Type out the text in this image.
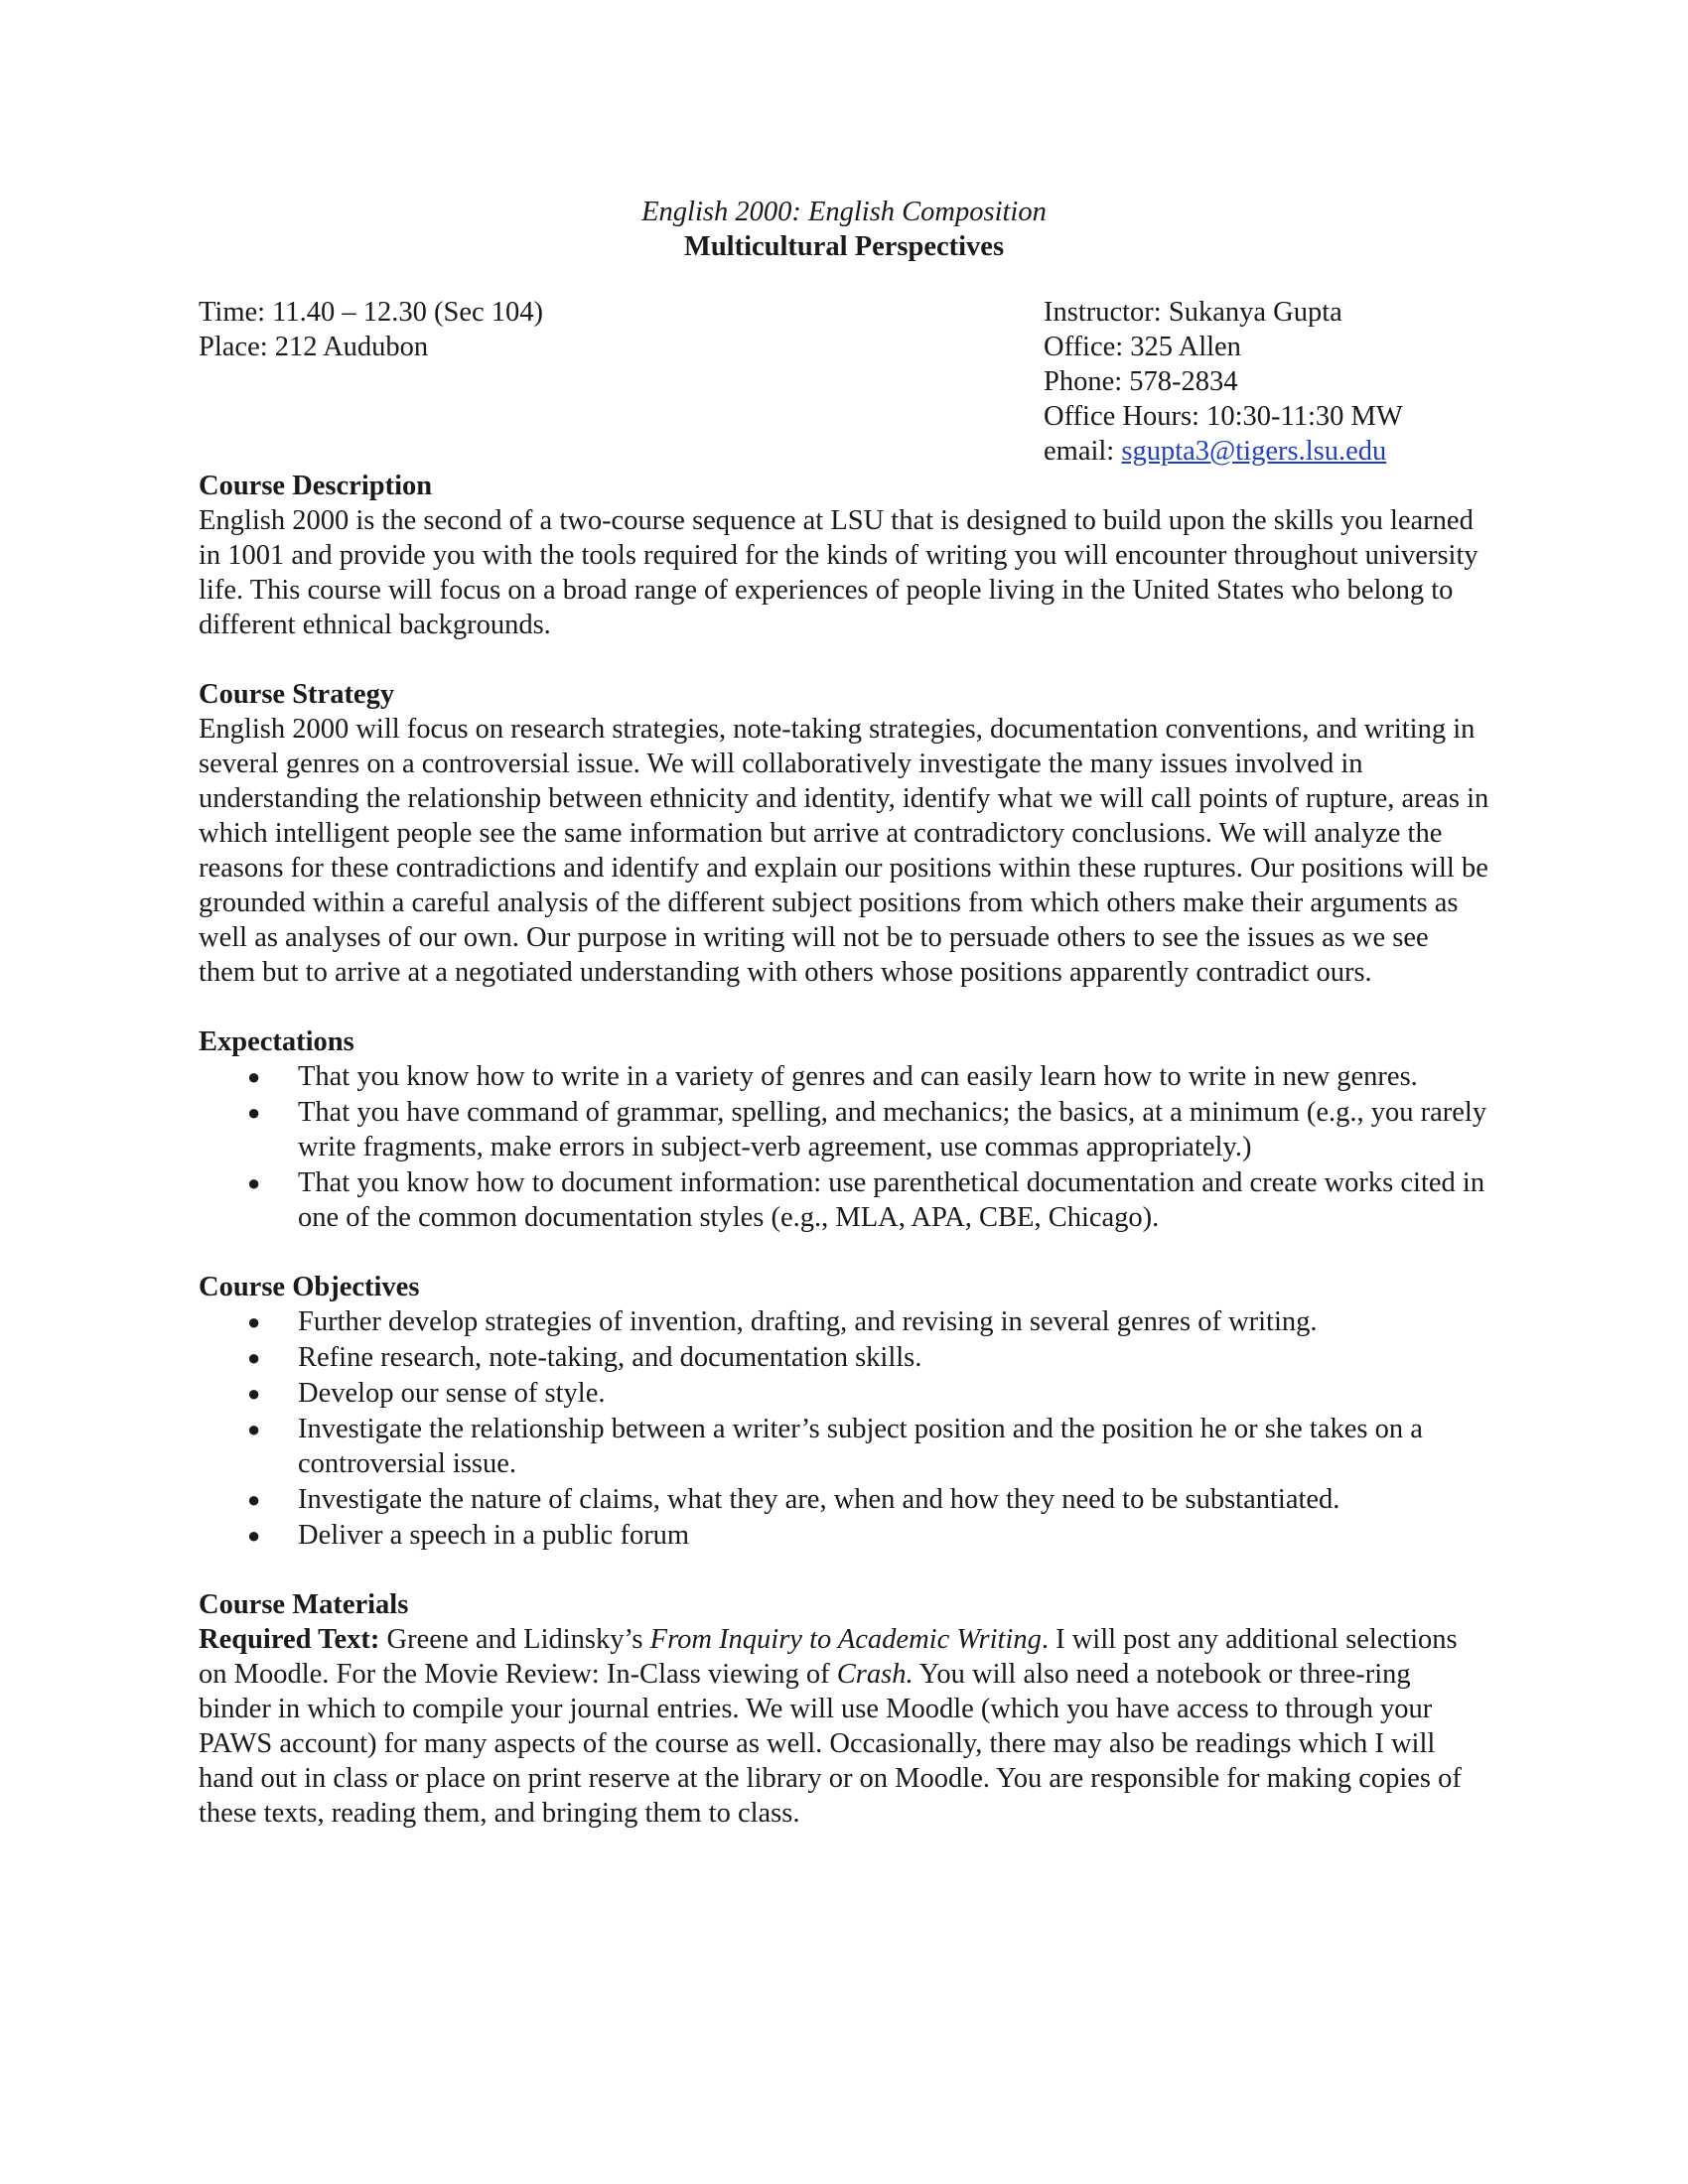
English 2000: English Composition
Multicultural Perspectives
Time: 11.40 – 12.30 (Sec 104)
Place: 212 Audubon
Instructor: Sukanya Gupta
Office: 325 Allen
Phone: 578-2834
Office Hours: 10:30-11:30 MW
email: sgupta3@tigers.lsu.edu
Course Description
English 2000 is the second of a two-course sequence at LSU that is designed to build upon the skills you learned in 1001 and provide you with the tools required for the kinds of writing you will encounter throughout university life. This course will focus on a broad range of experiences of people living in the United States who belong to different ethnical backgrounds.
Course Strategy
English 2000 will focus on research strategies, note-taking strategies, documentation conventions, and writing in several genres on a controversial issue. We will collaboratively investigate the many issues involved in understanding the relationship between ethnicity and identity, identify what we will call points of rupture, areas in which intelligent people see the same information but arrive at contradictory conclusions. We will analyze the reasons for these contradictions and identify and explain our positions within these ruptures. Our positions will be grounded within a careful analysis of the different subject positions from which others make their arguments as well as analyses of our own. Our purpose in writing will not be to persuade others to see the issues as we see them but to arrive at a negotiated understanding with others whose positions apparently contradict ours.
Expectations
● That you know how to write in a variety of genres and can easily learn how to write in new genres.
● That you have command of grammar, spelling, and mechanics; the basics, at a minimum (e.g., you rarely write fragments, make errors in subject-verb agreement, use commas appropriately.)
● That you know how to document information: use parenthetical documentation and create works cited in one of the common documentation styles (e.g., MLA, APA, CBE, Chicago).
Course Objectives
● Further develop strategies of invention, drafting, and revising in several genres of writing.
● Refine research, note-taking, and documentation skills.
● Develop our sense of style.
● Investigate the relationship between a writer’s subject position and the position he or she takes on a controversial issue.
● Investigate the nature of claims, what they are, when and how they need to be substantiated.
● Deliver a speech in a public forum
Course Materials
Required Text: Greene and Lidinsky’s From Inquiry to Academic Writing. I will post any additional selections on Moodle. For the Movie Review: In-Class viewing of Crash. You will also need a notebook or three-ring binder in which to compile your journal entries. We will use Moodle (which you have access to through your PAWS account) for many aspects of the course as well. Occasionally, there may also be readings which I will hand out in class or place on print reserve at the library or on Moodle. You are responsible for making copies of these texts, reading them, and bringing them to class.
